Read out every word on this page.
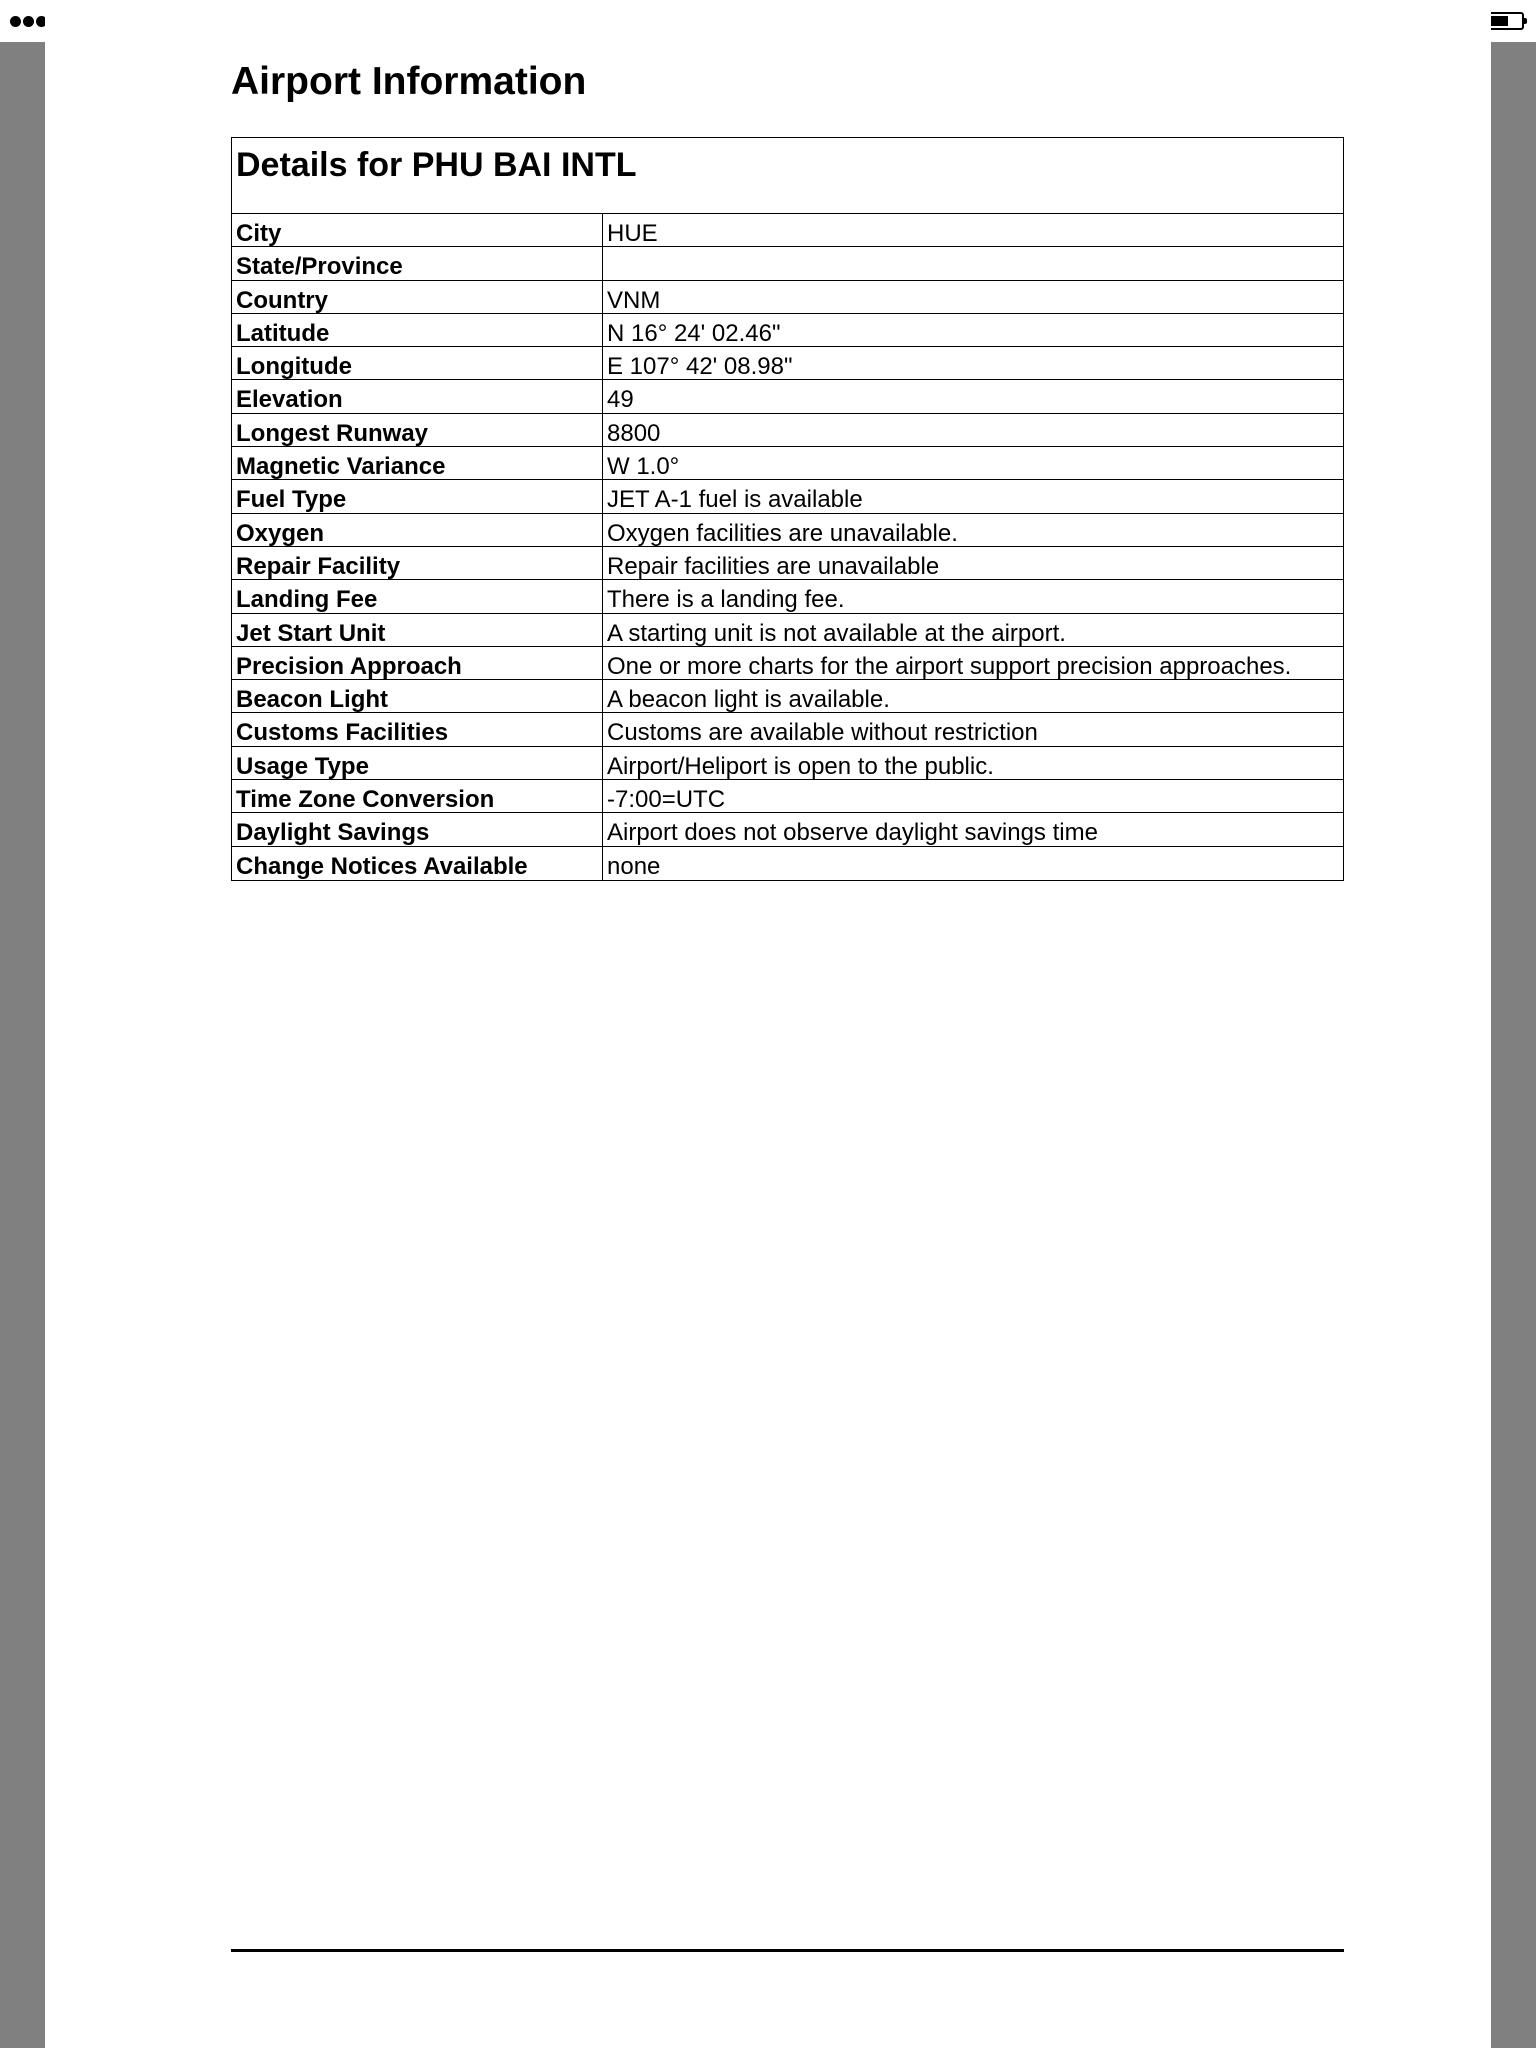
Airport Information
Details for PHU BAI INTL
City	HUE
State/Province
Country	VNM
Latitude	N 16° 24' 02.46"
Longitude	E 107° 42' 08.98"
Elevation	49
Longest Runway	8800
Magnetic Variance	W 1.0°
Fuel Type	JET A-1 fuel is available
Oxygen	Oxygen facilities are unavailable.
Repair Facility	Repair facilities are unavailable
Landing Fee	There is a landing fee.
Jet Start Unit	A starting unit is not available at the airport.
Precision Approach	One or more charts for the airport support precision approaches.
Beacon Light	A beacon light is available.
Customs Facilities	Customs are available without restriction
Usage Type	Airport/Heliport is open to the public.
Time Zone Conversion	-7:00=UTC
Daylight Savings	Airport does not observe daylight savings time
Change Notices Available	none
